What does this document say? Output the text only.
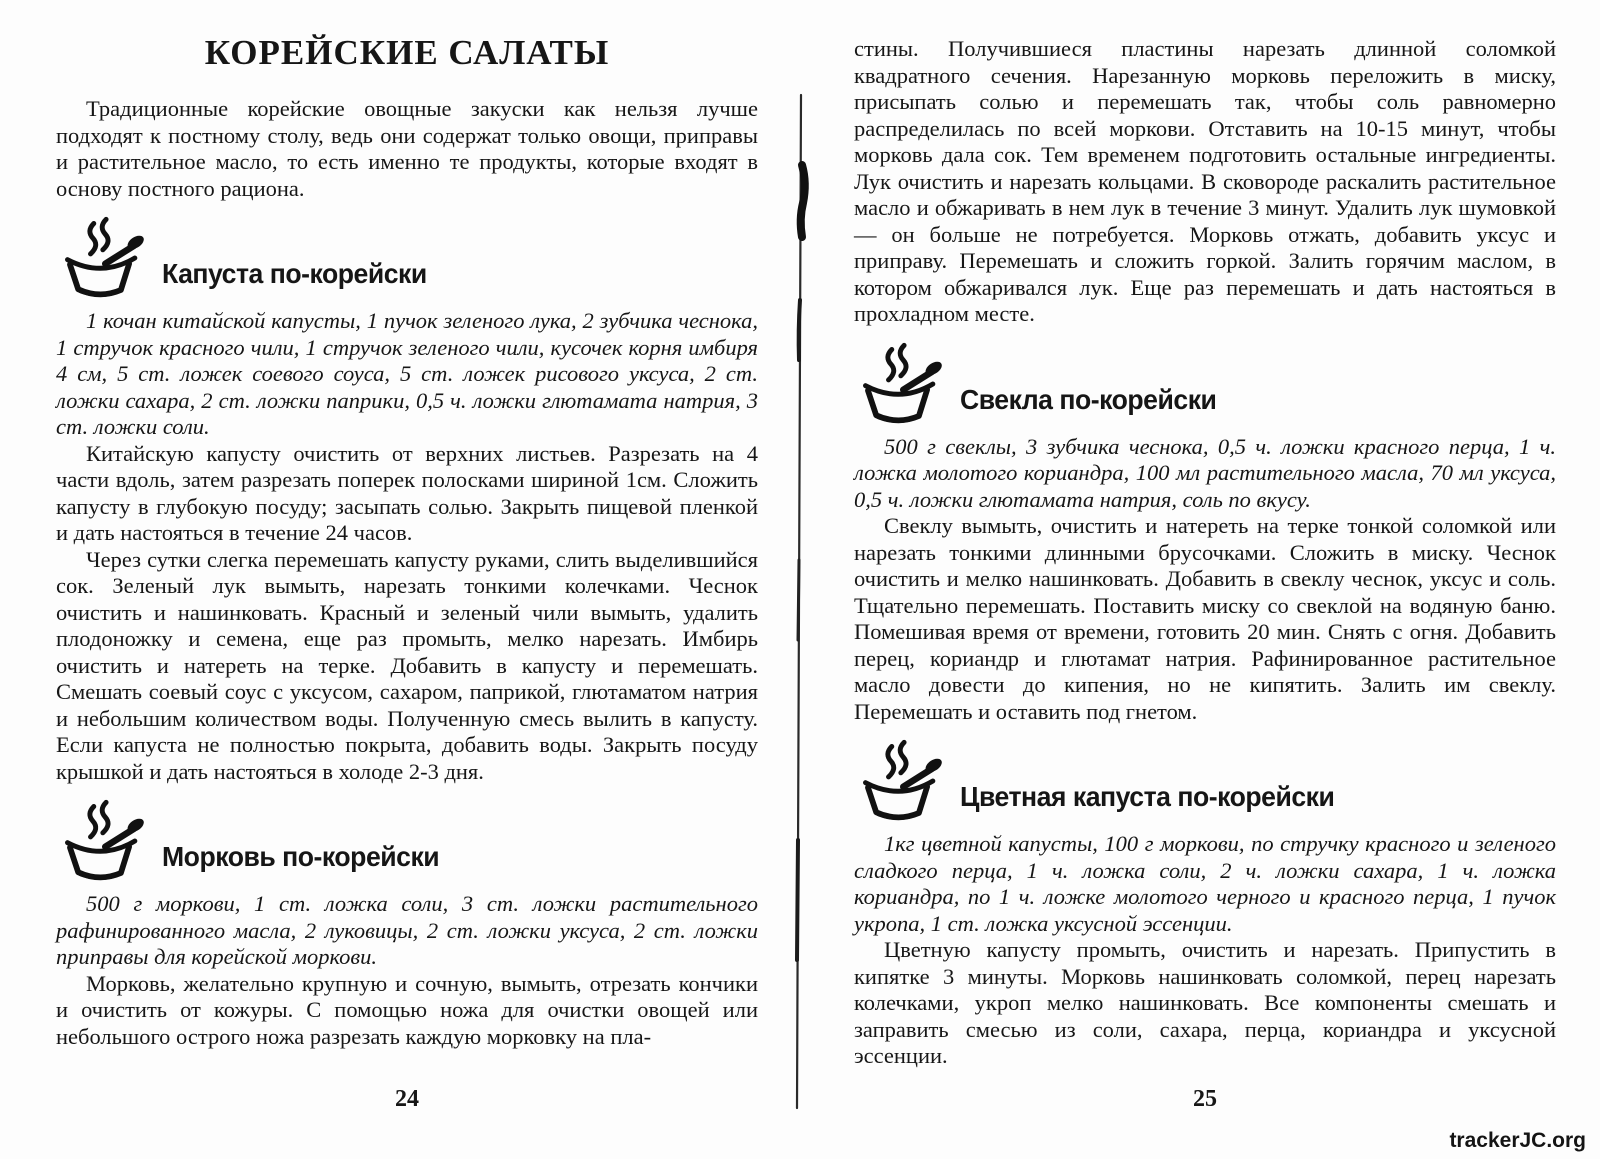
КОРЕЙСКИЕ САЛАТЫ

Традиционные корейские овощные закуски как нельзя лучше подходят к постному столу, ведь они содержат только овощи, приправы и растительное масло, то есть именно те продукты, которые входят в основу постного рациона.

Капуста по-корейски

1 кочан китайской капусты, 1 пучок зеленого лука, 2 зубчика чеснока, 1 стручок красного чили, 1 стручок зеленого чили, кусочек корня имбиря 4 см, 5 ст. ложек соевого соуса, 5 ст. ложек рисового уксуса, 2 ст. ложки сахара, 2 ст. ложки паприки, 0,5 ч. ложки глютамата натрия, 3 ст. ложки соли.

Китайскую капусту очистить от верхних листьев. Разрезать на 4 части вдоль, затем разрезать поперек полосками шириной 1см. Сложить капусту в глубокую посуду; засыпать солью. Закрыть пищевой пленкой и дать настояться в течение 24 часов.

Через сутки слегка перемешать капусту руками, слить выделившийся сок. Зеленый лук вымыть, нарезать тонкими колечками. Чеснок очистить и нашинковать. Красный и зеленый чили вымыть, удалить плодоножку и семена, еще раз промыть, мелко нарезать. Имбирь очистить и натереть на терке. Добавить в капусту и перемешать. Смешать соевый соус с уксусом, сахаром, паприкой, глютаматом натрия и небольшим количеством воды. Полученную смесь вылить в капусту. Если капуста не полностью покрыта, добавить воды. Закрыть посуду крышкой и дать настояться в холоде 2-3 дня.

Морковь по-корейски

500 г моркови, 1 ст. ложка соли, 3 ст. ложки растительного рафинированного масла, 2 луковицы, 2 ст. ложки уксуса, 2 ст. ложки приправы для корейской моркови.

Морковь, желательно крупную и сочную, вымыть, отрезать кончики и очистить от кожуры. С помощью ножа для очистки овощей или небольшого острого ножа разрезать каждую морковку на пла-

стины. Получившиеся пластины нарезать длинной соломкой квадратного сечения. Нарезанную морковь переложить в миску, присыпать солью и перемешать так, чтобы соль равномерно распределилась по всей моркови. Отставить на 10-15 минут, чтобы морковь дала сок. Тем временем подготовить остальные ингредиенты. Лук очистить и нарезать кольцами. В сковороде раскалить растительное масло и обжаривать в нем лук в течение 3 минут. Удалить лук шумовкой — он больше не потребуется. Морковь отжать, добавить уксус и приправу. Перемешать и сложить горкой. Залить горячим маслом, в котором обжаривался лук. Еще раз перемешать и дать настояться в прохладном месте.

Свекла по-корейски

500 г свеклы, 3 зубчика чеснока, 0,5 ч. ложки красного перца, 1 ч. ложка молотого кориандра, 100 мл растительного масла, 70 мл уксуса, 0,5 ч. ложки глютамата натрия, соль по вкусу.

Свеклу вымыть, очистить и натереть на терке тонкой соломкой или нарезать тонкими длинными брусочками. Сложить в миску. Чеснок очистить и мелко нашинковать. Добавить в свеклу чеснок, уксус и соль. Тщательно перемешать. Поставить миску со свеклой на водяную баню. Помешивая время от времени, готовить 20 мин. Снять с огня. Добавить перец, кориандр и глютамат натрия. Рафинированное растительное масло довести до кипения, но не кипятить. Залить им свеклу. Перемешать и оставить под гнетом.

Цветная капуста по-корейски

1кг цветной капусты, 100 г моркови, по стручку красного и зеленого сладкого перца, 1 ч. ложка соли, 2 ч. ложки сахара, 1 ч. ложка кориандра, по 1 ч. ложке молотого черного и красного перца, 1 пучок укропа, 1 ст. ложка уксусной эссенции.

Цветную капусту промыть, очистить и нарезать. Припустить в кипятке 3 минуты. Морковь нашинковать соломкой, перец нарезать колечками, укроп мелко нашинковать. Все компоненты смешать и заправить смесью из соли, сахара, перца, кориандра и уксусной эссенции.

24	25
trackerJC.org
